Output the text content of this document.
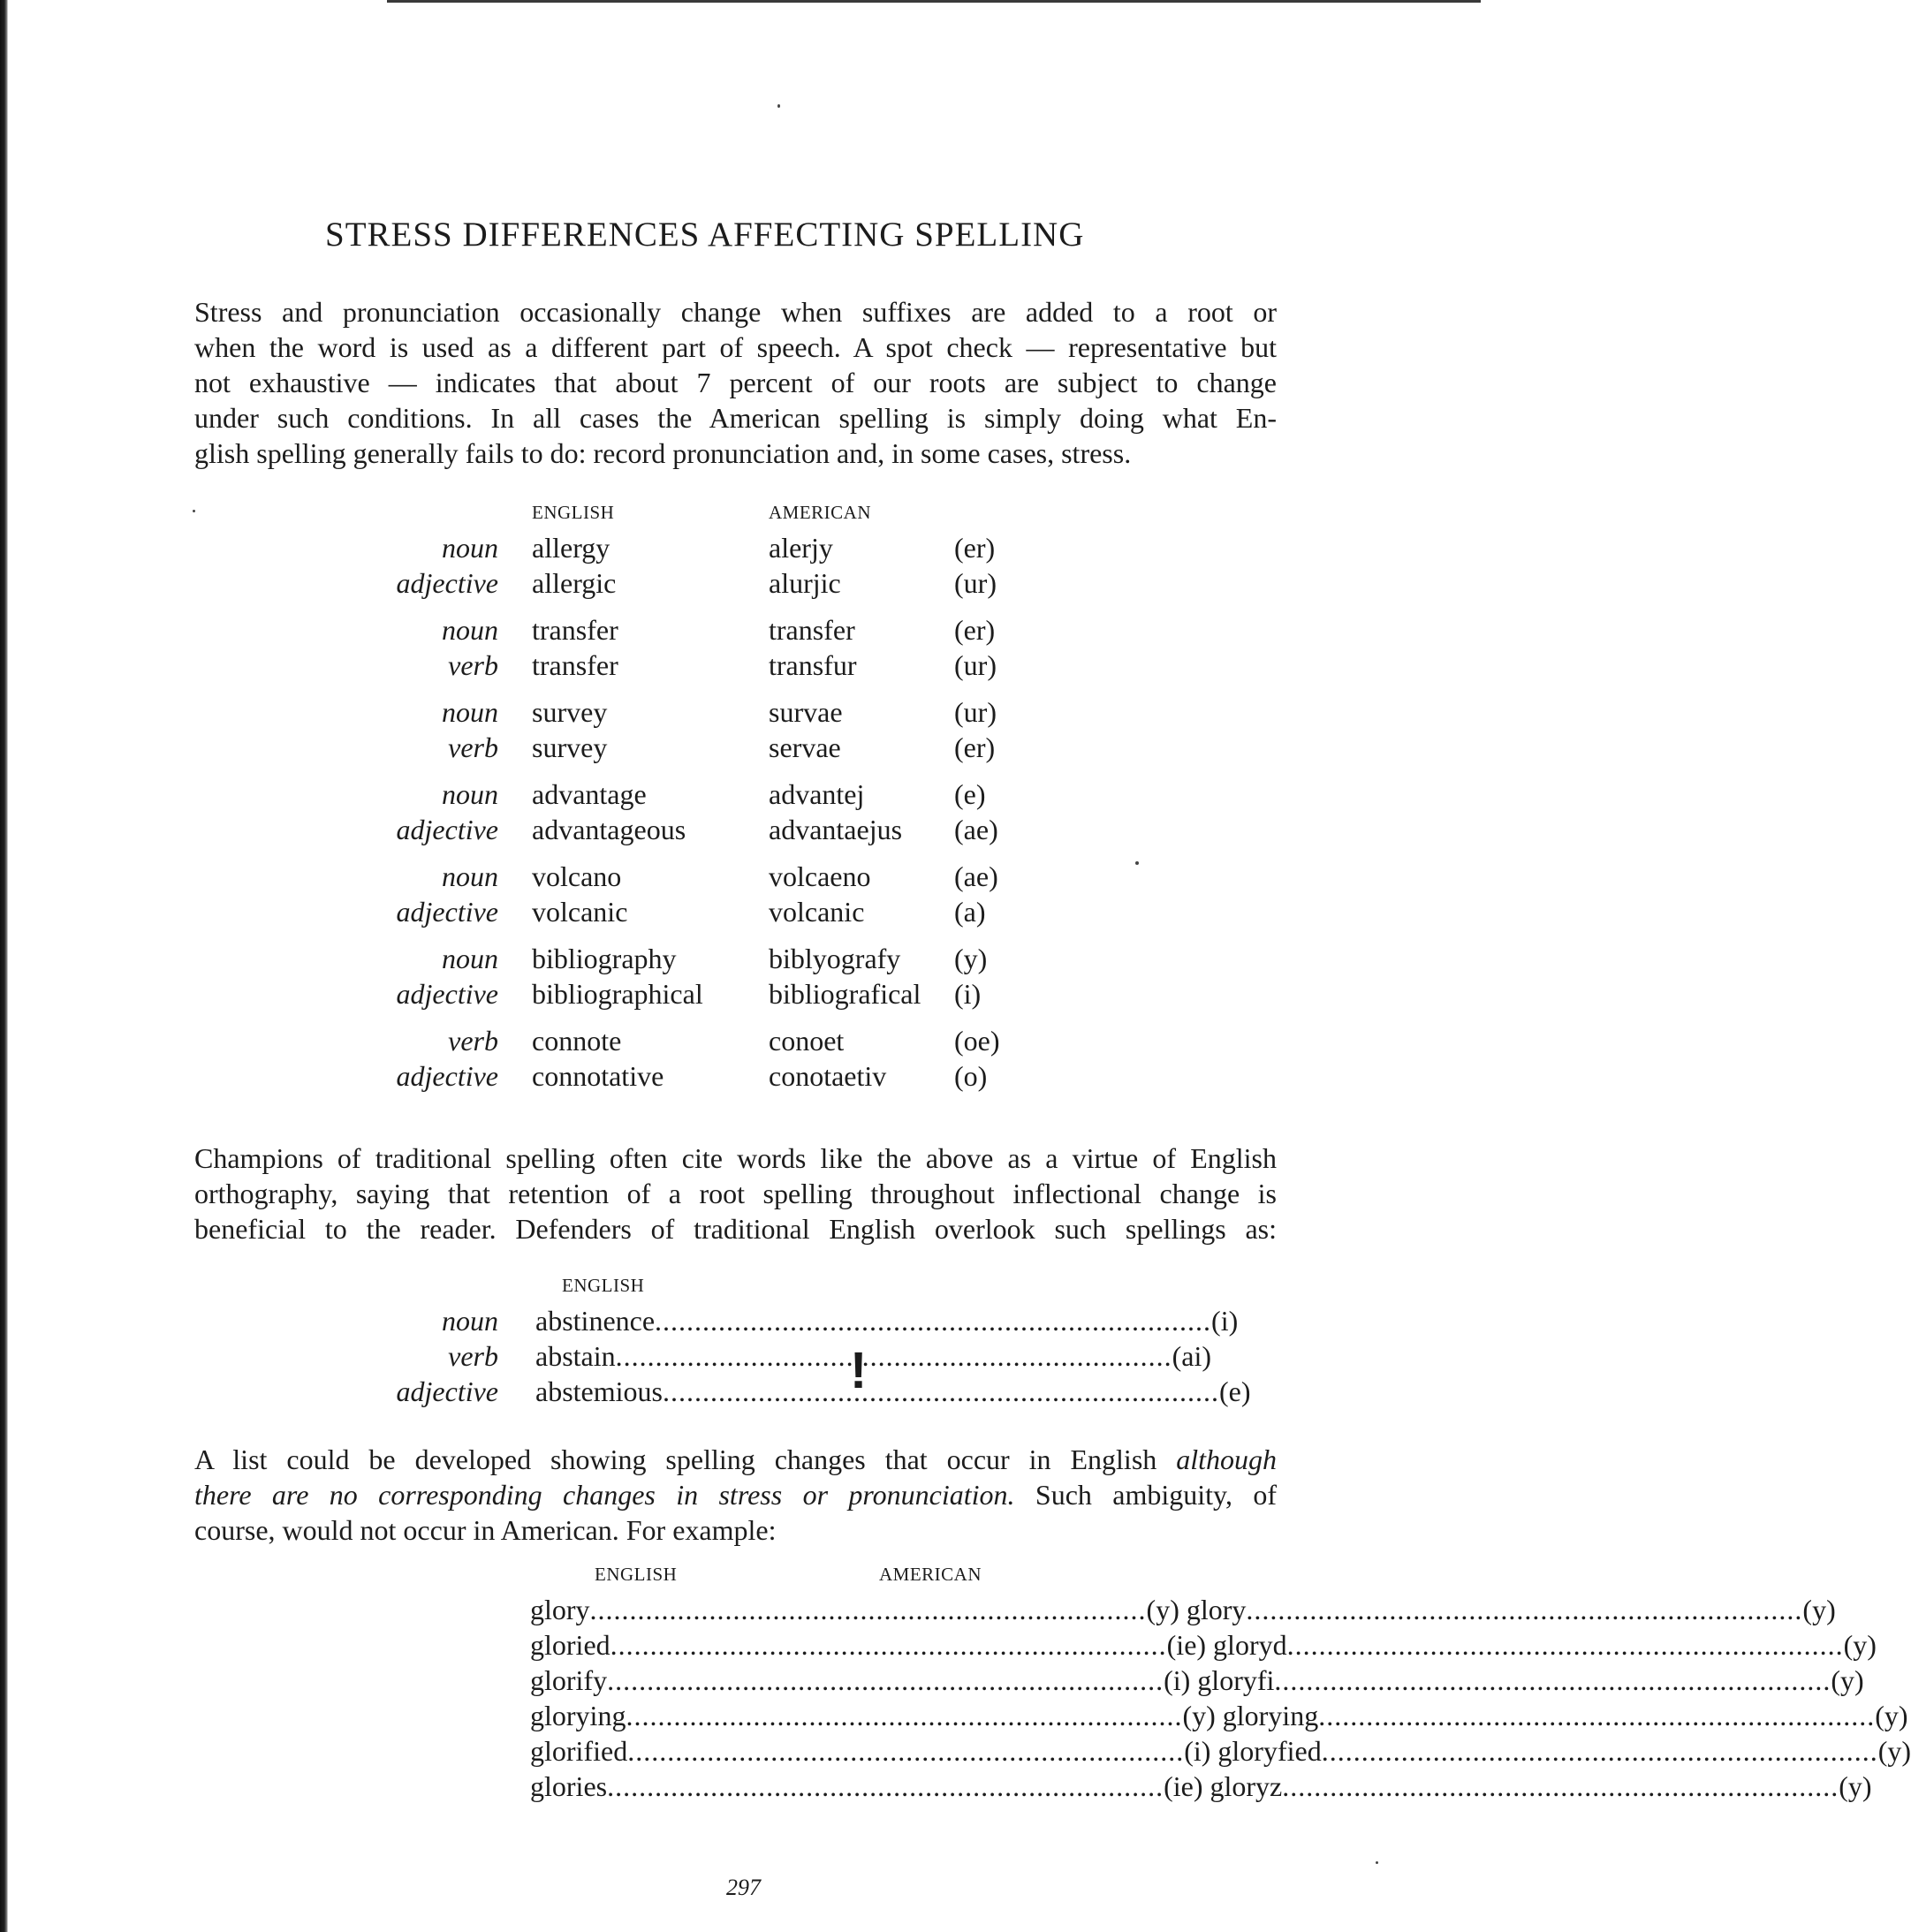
STRESS DIFFERENCES AFFECTING SPELLING

Stress and pronunciation occasionally change when suffixes are added to a root or
when the word is used as a different part of speech. A spot check — representative but
not exhaustive — indicates that about 7 percent of our roots are subject to change
under such conditions. In all cases the American spelling is simply doing what En-
glish spelling generally fails to do: record pronunciation and, in some cases, stress.

ENGLISH	AMERICAN
noun allergy	alerjy	(er)
adjective allergic	alurjic	(ur)
noun transfer	transfer	(er)
verb transfer	transfur	(ur)
noun survey	survae	(ur)
verb survey	servae	(er)
noun advantage	advantej	(e)
adjective advantageous	advantaejus (ae)
noun volcano	volcaeno	(ae)
adjective volcanic	volcanic	(a)
noun bibliography	biblyografy (y)
adjective bibliographical bibliografical (i)
verb connote	conoet	(oe)
adjective connotative	conotaetiv (o)

Champions of traditional spelling often cite words like the above as a virtue of English
orthography, saying that retention of a root spelling throughout inflectional change is
beneficial to the reader. Defenders of traditional English overlook such spellings as:

ENGLISH
noun abstinence .....	(i)
verb abstain .....	(ai)
adjective abstemious .....	(e)
!

A list could be developed showing spelling changes that occur in English although
there are no corresponding changes in stress or pronunciation. Such ambiguity, of
course, would not occur in American. For example:

ENGLISH	AMERICAN
glory .....	(y) glory .....	(y)
gloried .....	(ie) gloryd .....	(y)
glorify .....	(i) gloryfi .....	(y)
glorying .....	(y) glorying .....	(y)
glorified .....	(i) gloryfied .....	(y)
glories .....	(ie) gloryz .....	(y)
297
